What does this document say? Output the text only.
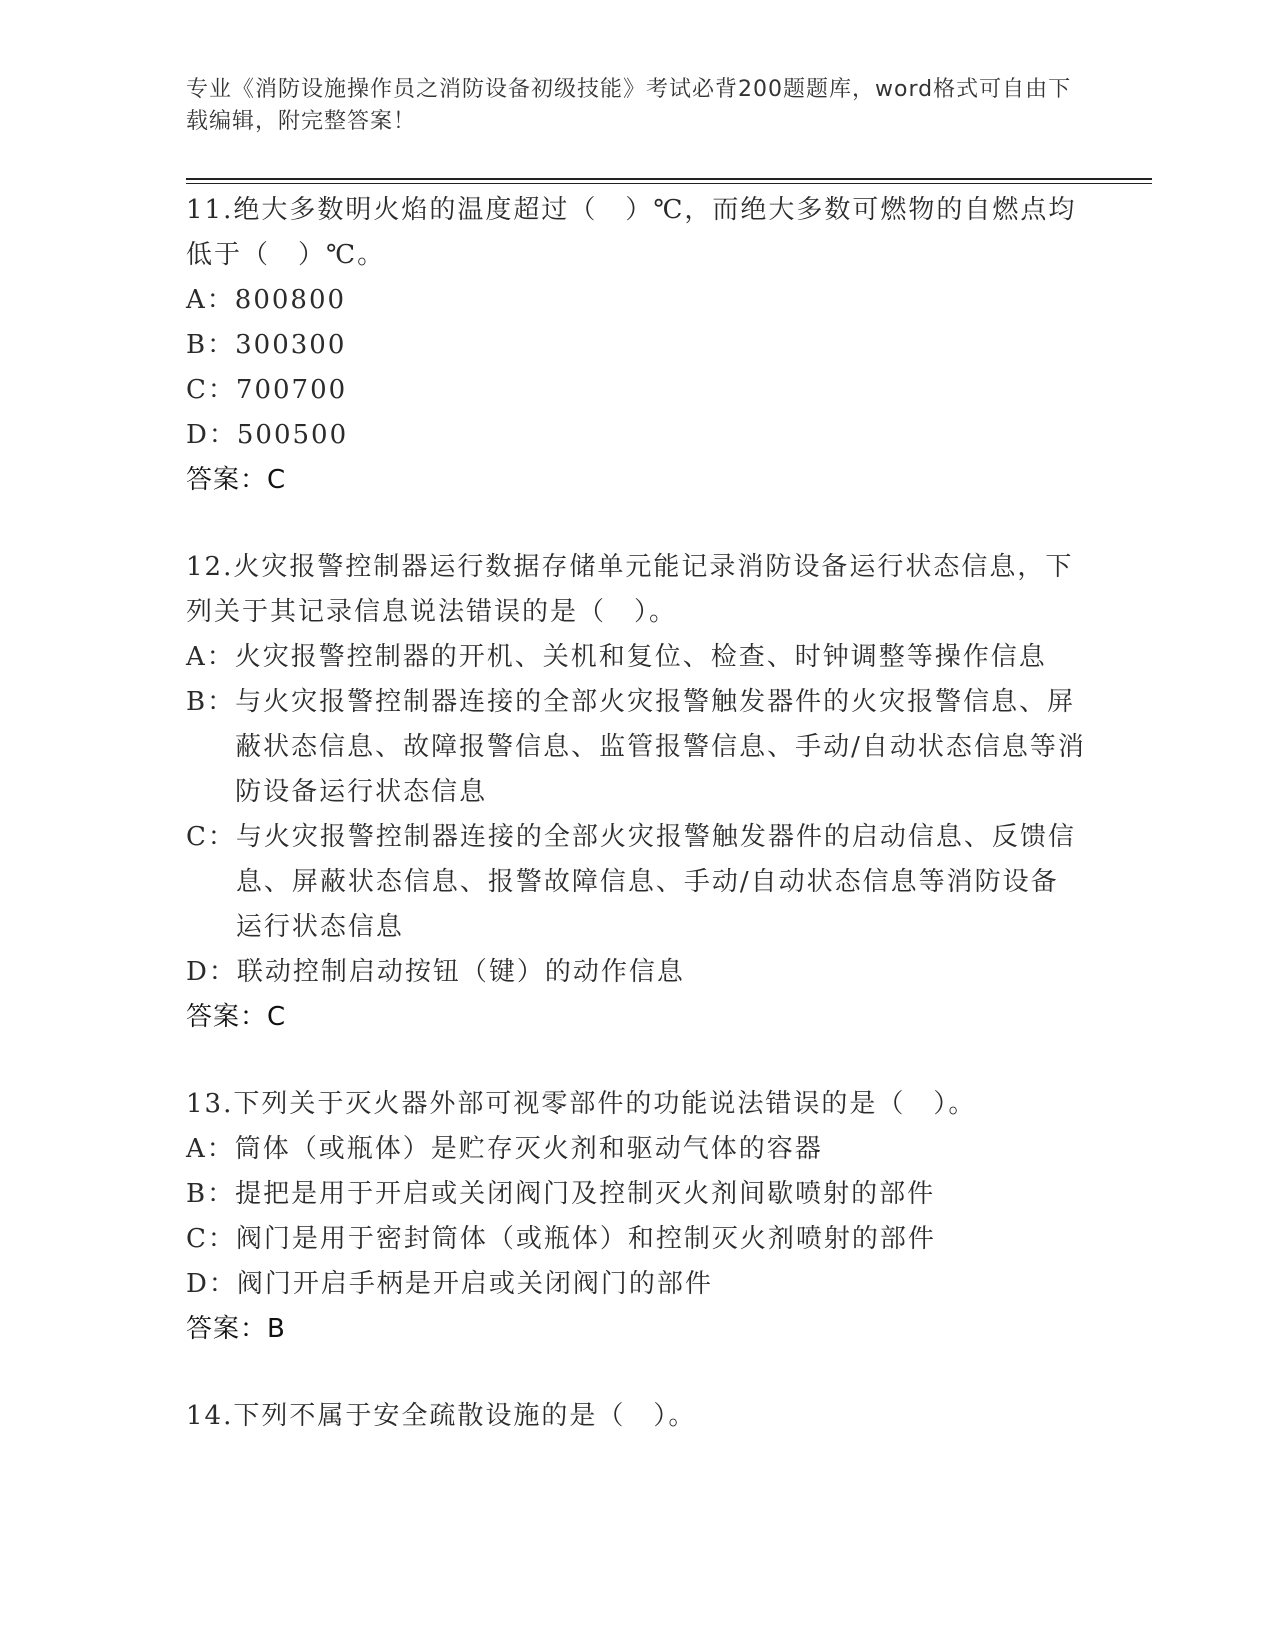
专业《消防设施操作员之消防设备初级技能》考试必背200题题库，word格式可自由下载编辑，附完整答案！
11.绝大多数明火焰的温度超过（　）℃，而绝大多数可燃物的自燃点均低于（　）℃。
A： 800800
B： 300300
C： 700700
D： 500500
答案：C
12.火灾报警控制器运行数据存储单元能记录消防设备运行状态信息，下列关于其记录信息说法错误的是（　）。
A： 火灾报警控制器的开机、关机和复位、检查、时钟调整等操作信息
B： 与火灾报警控制器连接的全部火灾报警触发器件的火灾报警信息、屏蔽状态信息、故障报警信息、监管报警信息、手动/自动状态信息等消防设备运行状态信息
C： 与火灾报警控制器连接的全部火灾报警触发器件的启动信息、反馈信息、屏蔽状态信息、报警故障信息、手动/自动状态信息等消防设备运行状态信息
D： 联动控制启动按钮（键）的动作信息
答案：C
13.下列关于灭火器外部可视零部件的功能说法错误的是（　）。
A： 筒体（或瓶体）是贮存灭火剂和驱动气体的容器
B： 提把是用于开启或关闭阀门及控制灭火剂间歇喷射的部件
C： 阀门是用于密封筒体（或瓶体）和控制灭火剂喷射的部件
D： 阀门开启手柄是开启或关闭阀门的部件
答案：B
14.下列不属于安全疏散设施的是（　）。
